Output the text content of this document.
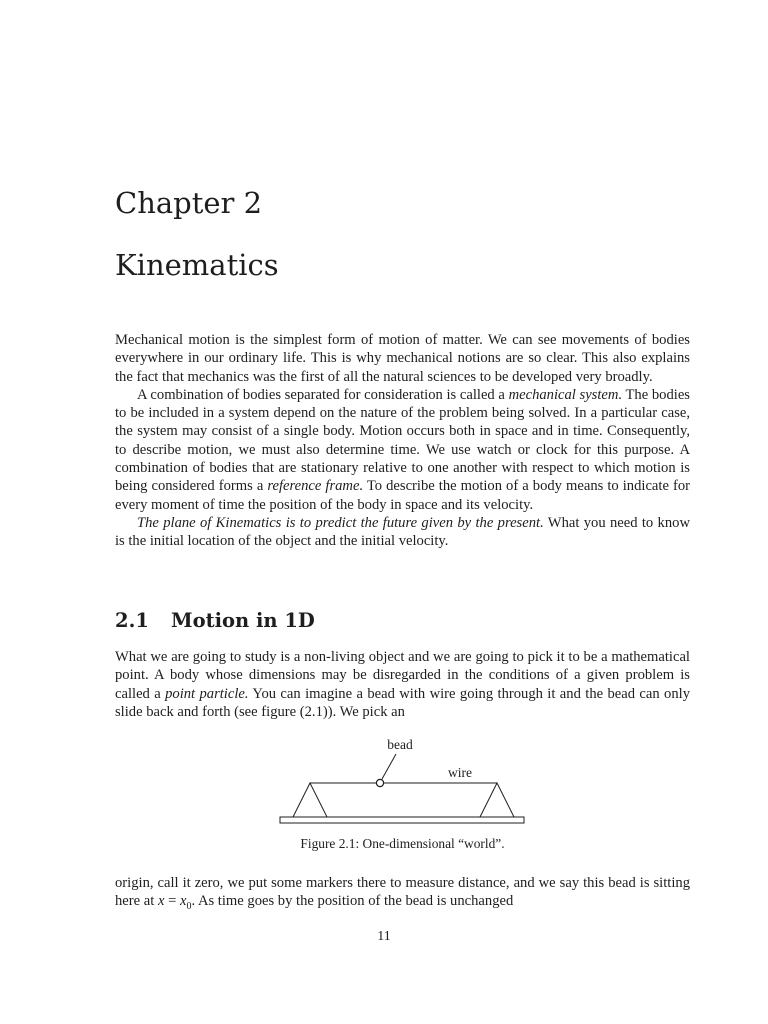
Chapter 2
Kinematics

Mechanical motion is the simplest form of motion of matter. We can see movements of bodies everywhere in our ordinary life. This is why mechanical notions are so clear. This also explains the fact that mechanics was the first of all the natural sciences to be developed very broadly.

A combination of bodies separated for consideration is called a mechanical system. The bodies to be included in a system depend on the nature of the problem being solved. In a particular case, the system may consist of a single body. Motion occurs both in space and in time. Consequently, to describe motion, we must also determine time. We use watch or clock for this purpose. A combination of bodies that are stationary relative to one another with respect to which motion is being considered forms a reference frame. To describe the motion of a body means to indicate for every moment of time the position of the body in space and its velocity.

The plane of Kinematics is to predict the future given by the present. What you need to know is the initial location of the object and the initial velocity.

2.1 Motion in 1D

What we are going to study is a non-living object and we are going to pick it to be a mathematical point. A body whose dimensions may be disregarded in the conditions of a given problem is called a point particle. You can imagine a bead with wire going through it and the bead can only slide back and forth (see figure (2.1)). We pick an

bead
wire
Figure 2.1: One-dimensional “world”.

origin, call it zero, we put some markers there to measure distance, and we say this bead is sitting here at $x = x_0$. As time goes by the position of the bead is unchanged

11
